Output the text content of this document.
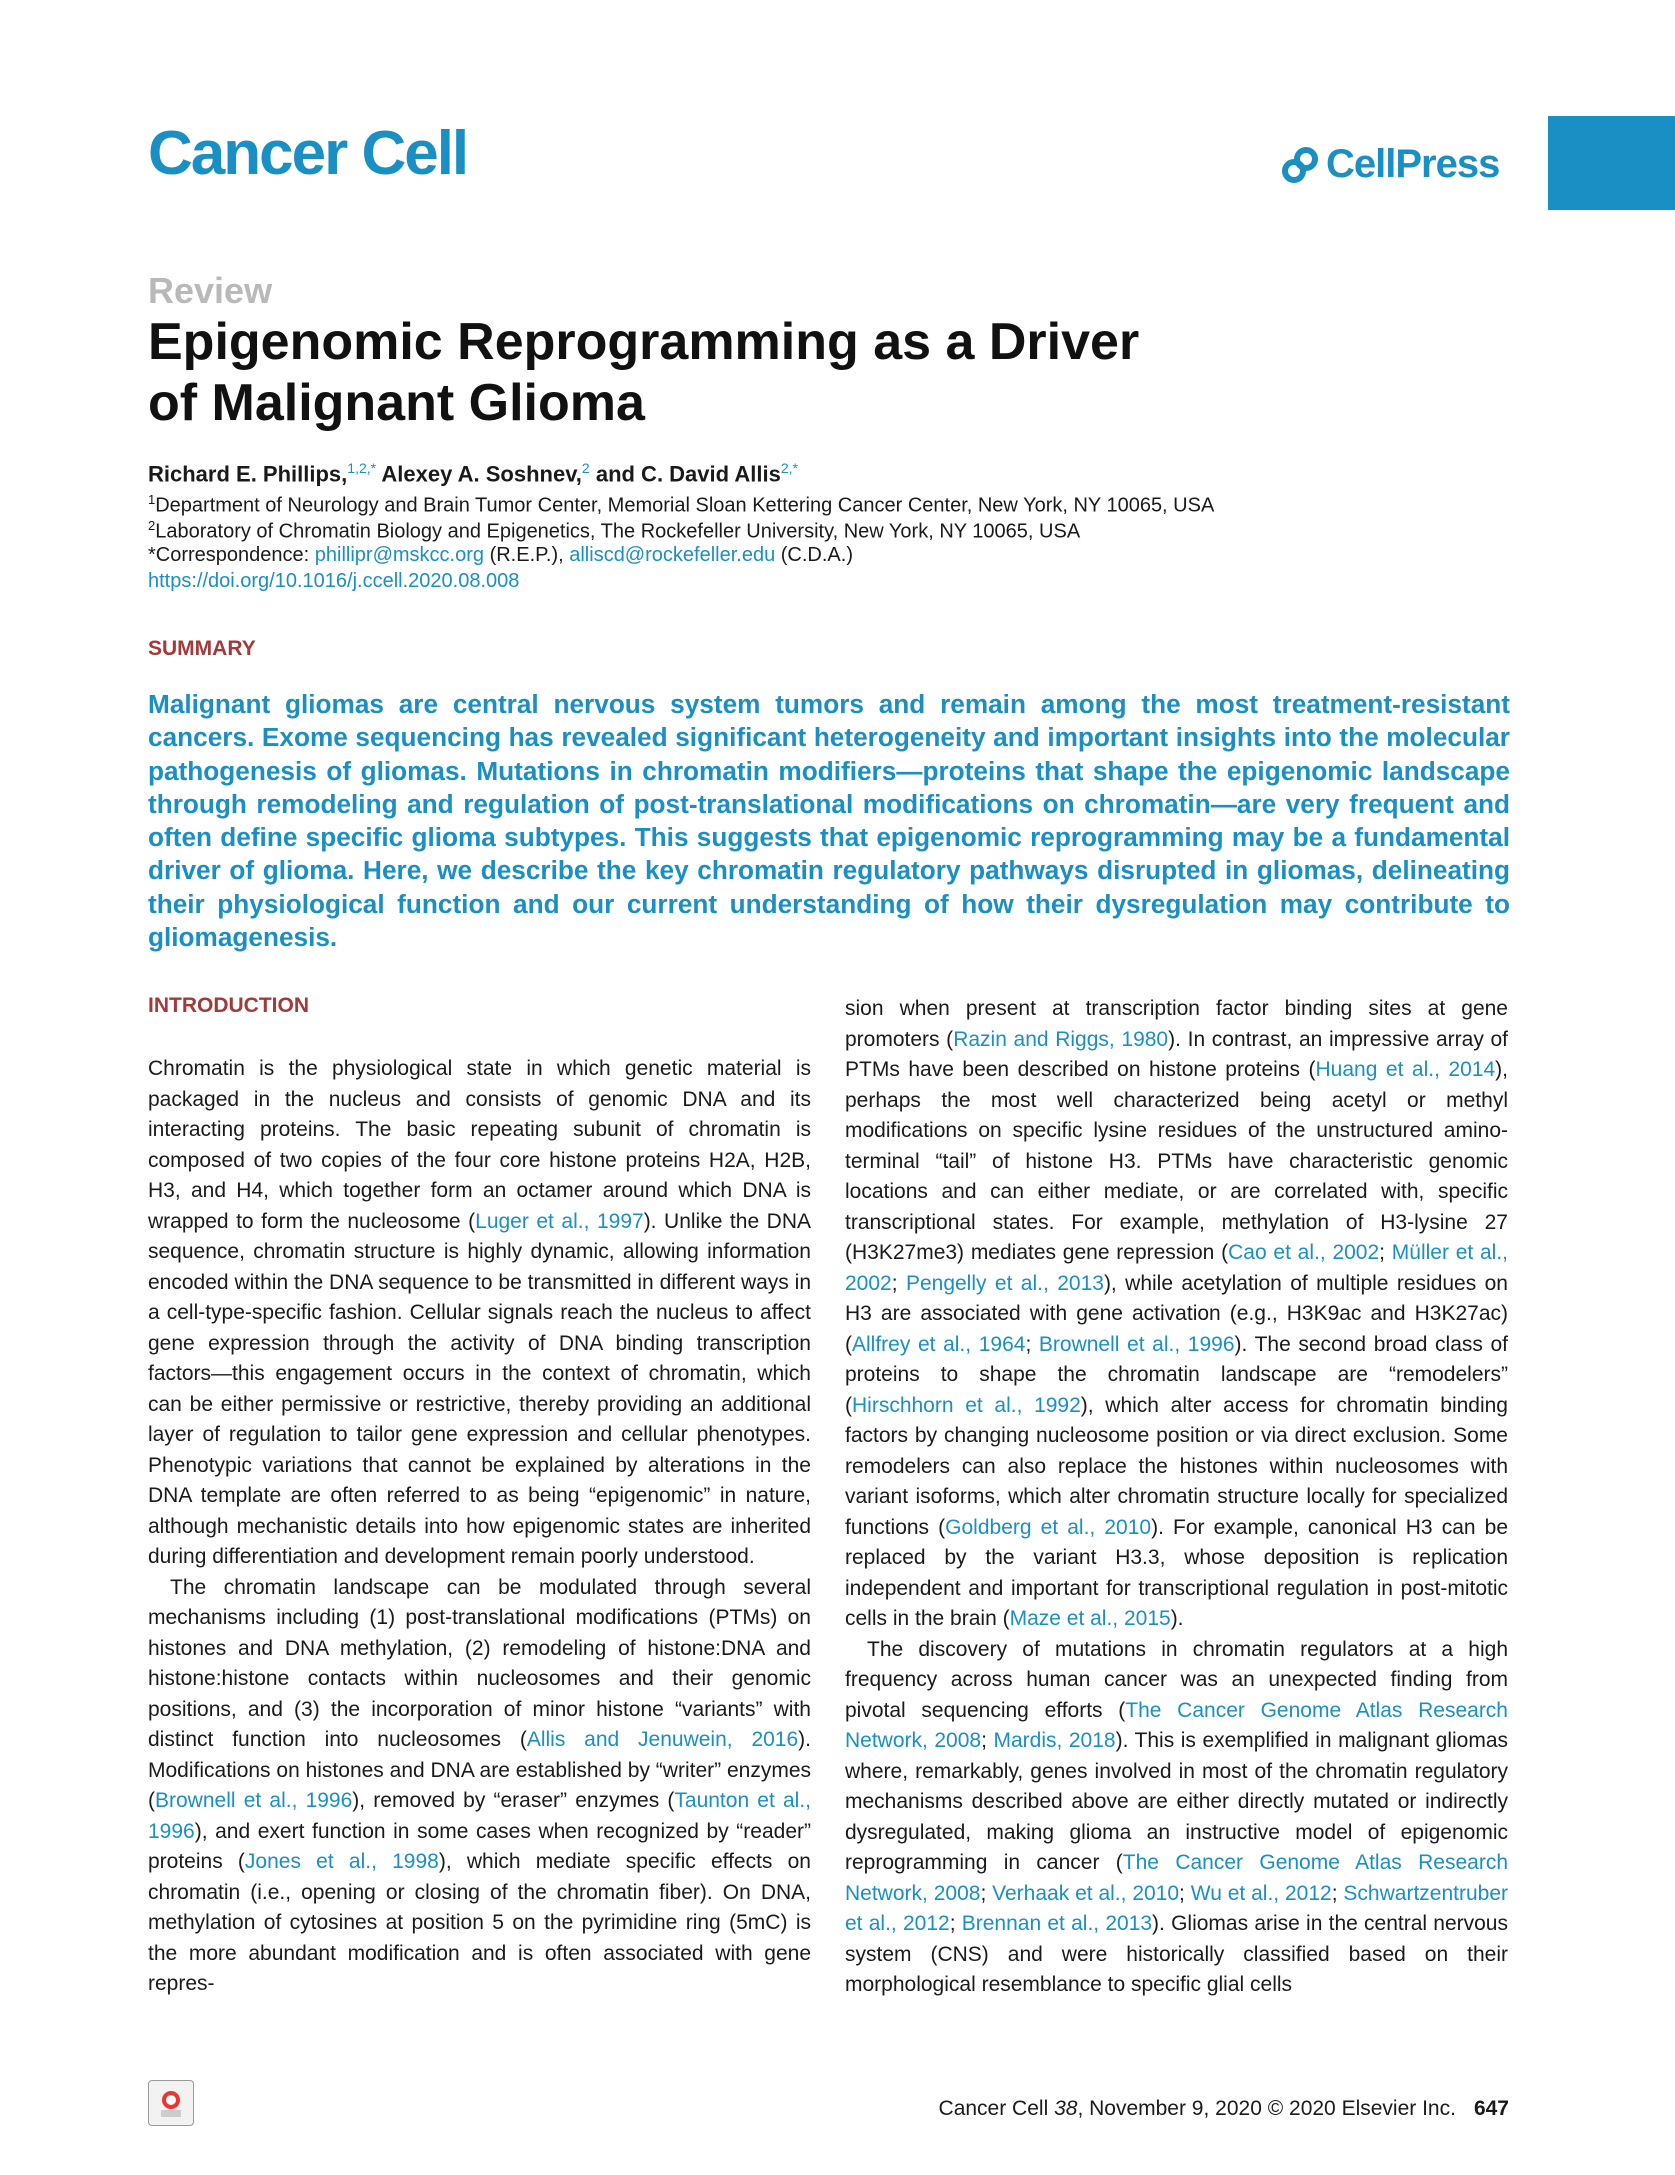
Cancer Cell	CellPress
Review
Epigenomic Reprogramming as a Driver
of Malignant Glioma
Richard E. Phillips,$^{1,2,*}$ Alexey A. Soshnev,$^2$ and C. David Allis$^{2,*}$
$^1$Department of Neurology and Brain Tumor Center, Memorial Sloan Kettering Cancer Center, New York, NY 10065, USA
$^2$Laboratory of Chromatin Biology and Epigenetics, The Rockefeller University, New York, NY 10065, USA
*Correspondence: phillipr@mskcc.org (R.E.P.), alliscd@rockefeller.edu (C.D.A.)
https://doi.org/10.1016/j.ccell.2020.08.008
SUMMARY
Malignant gliomas are central nervous system tumors and remain among the most treatment-resistant cancers. Exome sequencing has revealed significant heterogeneity and important insights into the molecular pathogenesis of gliomas. Mutations in chromatin modifiers—proteins that shape the epigenomic landscape through remodeling and regulation of post-translational modifications on chromatin—are very frequent and often define specific glioma subtypes. This suggests that epigenomic reprogramming may be a fundamental driver of glioma. Here, we describe the key chromatin regulatory pathways disrupted in gliomas, delineating their physiological function and our current understanding of how their dysregulation may contribute to gliomagenesis.
INTRODUCTION

Chromatin is the physiological state in which genetic material is packaged in the nucleus and consists of genomic DNA and its interacting proteins. The basic repeating subunit of chromatin is composed of two copies of the four core histone proteins H2A, H2B, H3, and H4, which together form an octamer around which DNA is wrapped to form the nucleosome (Luger et al., 1997). Unlike the DNA sequence, chromatin structure is highly dynamic, allowing information encoded within the DNA sequence to be transmitted in different ways in a cell-type-specific fashion. Cellular signals reach the nucleus to affect gene expression through the activity of DNA binding transcription factors—this engagement occurs in the context of chromatin, which can be either permissive or restrictive, thereby providing an additional layer of regulation to tailor gene expression and cellular phenotypes. Phenotypic variations that cannot be explained by alterations in the DNA template are often referred to as being “epigenomic” in nature, although mechanistic details into how epigenomic states are inherited during differentiation and development remain poorly understood.

The chromatin landscape can be modulated through several mechanisms including (1) post-translational modifications (PTMs) on histones and DNA methylation, (2) remodeling of histone:DNA and histone:histone contacts within nucleosomes and their genomic positions, and (3) the incorporation of minor histone “variants” with distinct function into nucleosomes (Allis and Jenuwein, 2016). Modifications on histones and DNA are established by “writer” enzymes (Brownell et al., 1996), removed by “eraser” enzymes (Taunton et al., 1996), and exert function in some cases when recognized by “reader” proteins (Jones et al., 1998), which mediate specific effects on chromatin (i.e., opening or closing of the chromatin fiber). On DNA, methylation of cytosines at position 5 on the pyrimidine ring (5mC) is the more abundant modification and is often associated with gene repres-

sion when present at transcription factor binding sites at gene promoters (Razin and Riggs, 1980). In contrast, an impressive array of PTMs have been described on histone proteins (Huang et al., 2014), perhaps the most well characterized being acetyl or methyl modifications on specific lysine residues of the unstructured amino-terminal “tail” of histone H3. PTMs have characteristic genomic locations and can either mediate, or are correlated with, specific transcriptional states. For example, methylation of H3-lysine 27 (H3K27me3) mediates gene repression (Cao et al., 2002; Müller et al., 2002; Pengelly et al., 2013), while acetylation of multiple residues on H3 are associated with gene activation (e.g., H3K9ac and H3K27ac) (Allfrey et al., 1964; Brownell et al., 1996). The second broad class of proteins to shape the chromatin landscape are “remodelers” (Hirschhorn et al., 1992), which alter access for chromatin binding factors by changing nucleosome position or via direct exclusion. Some remodelers can also replace the histones within nucleosomes with variant isoforms, which alter chromatin structure locally for specialized functions (Goldberg et al., 2010). For example, canonical H3 can be replaced by the variant H3.3, whose deposition is replication independent and important for transcriptional regulation in post-mitotic cells in the brain (Maze et al., 2015).

The discovery of mutations in chromatin regulators at a high frequency across human cancer was an unexpected finding from pivotal sequencing efforts (The Cancer Genome Atlas Research Network, 2008; Mardis, 2018). This is exemplified in malignant gliomas where, remarkably, genes involved in most of the chromatin regulatory mechanisms described above are either directly mutated or indirectly dysregulated, making glioma an instructive model of epigenomic reprogramming in cancer (The Cancer Genome Atlas Research Network, 2008; Verhaak et al., 2010; Wu et al., 2012; Schwartzentruber et al., 2012; Brennan et al., 2013). Gliomas arise in the central nervous system (CNS) and were historically classified based on their morphological resemblance to specific glial cells

Cancer Cell 38, November 9, 2020 © 2020 Elsevier Inc. 647
